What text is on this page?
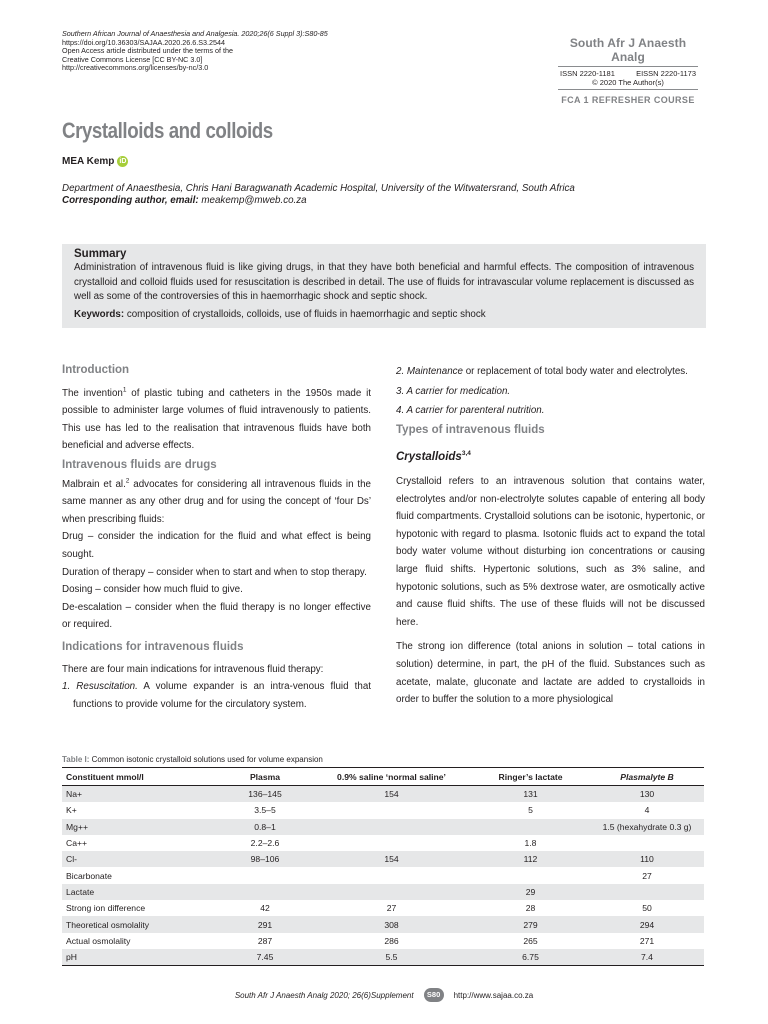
Southern African Journal of Anaesthesia and Analgesia. 2020;26(6 Suppl 3):S80-85
https://doi.org/10.36303/SAJAA.2020.26.6.S3.2544
Open Access article distributed under the terms of the
Creative Commons License [CC BY-NC 3.0]
http://creativecommons.org/licenses/by-nc/3.0
South Afr J Anaesth Analg
ISSN 2220-1181	EISSN 2220-1173
© 2020 The Author(s)
FCA 1 REFRESHER COURSE
Crystalloids and colloids
MEA Kemp iD
Department of Anaesthesia, Chris Hani Baragwanath Academic Hospital, University of the Witwatersrand, South Africa
Corresponding author, email: meakemp@mweb.co.za
Summary

Administration of intravenous fluid is like giving drugs, in that they have both beneficial and harmful effects. The composition of intravenous crystalloid and colloid fluids used for resuscitation is described in detail. The use of fluids for intravascular volume replacement is discussed as well as some of the controversies of this in haemorrhagic shock and septic shock.

Keywords: composition of crystalloids, colloids, use of fluids in haemorrhagic and septic shock

Introduction

The invention$^1$ of plastic tubing and catheters in the 1950s made it possible to administer large volumes of fluid intravenously to patients. This use has led to the realisation that intravenous fluids have both beneficial and adverse effects.

Intravenous fluids are drugs

Malbrain et al.$^2$ advocates for considering all intravenous fluids in the same manner as any other drug and for using the concept of ‘four Ds’ when prescribing fluids:

Drug – consider the indication for the fluid and what effect is being sought.

Duration of therapy – consider when to start and when to stop therapy.

Dosing – consider how much fluid to give.

De-escalation – consider when the fluid therapy is no longer effective or required.

Indications for intravenous fluids

There are four main indications for intravenous fluid therapy:

1. Resuscitation. A volume expander is an intra-venous fluid that functions to provide volume for the circulatory system.

2. Maintenance or replacement of total body water and electrolytes.

3. A carrier for medication.

4. A carrier for parenteral nutrition.

Types of intravenous fluids
Crystalloids$^{3,4}$

Crystalloid refers to an intravenous solution that contains water, electrolytes and/or non-electrolyte solutes capable of entering all body fluid compartments. Crystalloid solutions can be isotonic, hypertonic, or hypotonic with regard to plasma. Isotonic fluids act to expand the total body water volume without disturbing ion concentrations or causing large fluid shifts. Hypertonic solutions, such as 3% saline, and hypotonic solutions, such as 5% dextrose water, are osmotically active and cause fluid shifts. The use of these fluids will not be discussed here.

The strong ion difference (total anions in solution – total cations in solution) determine, in part, the pH of the fluid. Substances such as acetate, malate, gluconate and lactate are added to crystalloids in order to buffer the solution to a more physiological

Table I: Common isotonic crystalloid solutions used for volume expansion
Constituent mmol/l	Plasma	0.9% saline ‘normal saline’	Ringer’s lactate	Plasmalyte B
Na+	136–145	154	131	130
K+	3.5–5		5	4
Mg++	0.8–1			1.5 (hexahydrate 0.3 g)
Ca++	2.2–2.6		1.8	
Cl-	98–106	154	112	110
Bicarbonate				27
Lactate			29	
Strong ion difference	42	27	28	50
Theoretical osmolality	291	308	279	294
Actual osmolality	287	286	265	271
pH	7.45	5.5	6.75	7.4
South Afr J Anaesth Analg 2020; 26(6)Supplement	S80	http://www.sajaa.co.za
